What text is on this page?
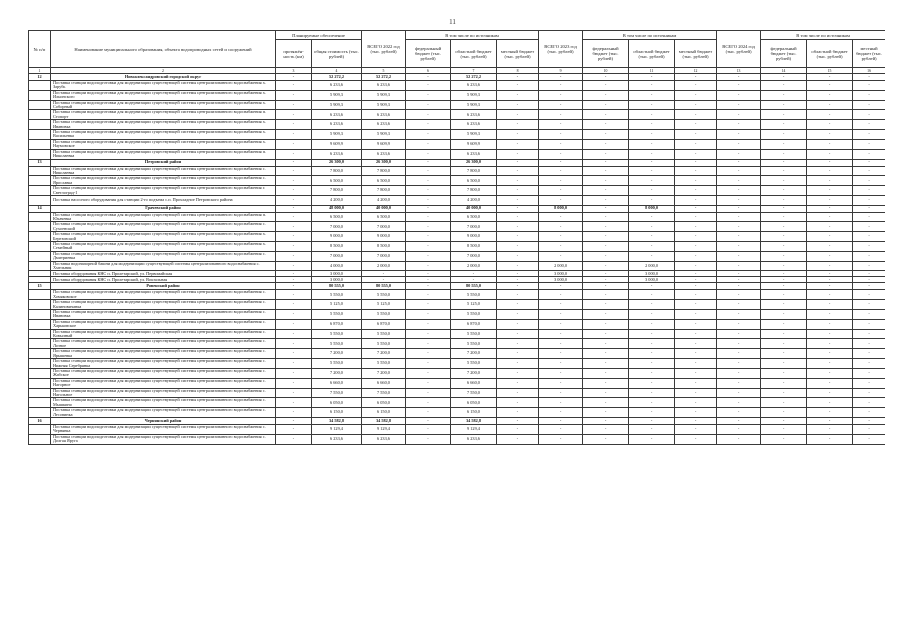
11
№ п/п	Наименование муниципального образования, объекта водопроводных сетей и сооружений	Планируемые обеспечение		ВСЕГО 2022 год (тыс. рублей)	В том числе по источникам			ВСЕГО 2023 год (тыс. рублей)	В том числе по источникам			ВСЕГО 2024 год (тыс. рублей)	В том числе по источникам		
		протяжён-ность (км)	общая стоимость (тыс. рублей)		федеральный бюджет (тыс. рублей)	областной бюджет (тыс. рублей)	местный бюджет (тыс. рублей)		федеральный бюджет (тыс. рублей)	областной бюджет (тыс. рублей)	местный бюджет (тыс. рублей)		федеральный бюджет (тыс. рублей)	областной бюджет (тыс. рублей)	местный бюджет (тыс. рублей)
1	2	3	4	5	6	7	8	9	10	11	12	13	14	15	16
12	Новоалександровский городской округ	-	52 272,2	52 272,2	-	52 272,2	-	-	-	-	-	-	-	-	-
	Поставка станции водоподготовки для модернизации существующей системы централизованного водоснабжения х. Зарубь	-	6 233,6	6 233,6	-	6 233,6	-	-	-	-	-	-	-	-	-
	Поставка станции водоподготовки для модернизации существующей системы централизованного водоснабжения х. Ильинского	-	5 909,3	5 909,3	-	5 909,3	-	-	-	-	-	-	-	-	-
	Поставка станции водоподготовки для модернизации существующей системы централизованного водоснабжения х. Соборный	-	5 909,3	5 909,3	-	5 909,3	-	-	-	-	-	-	-	-	-
	Поставка станции водоподготовки для модернизации существующей системы централизованного водоснабжения п. Стопорт	-	6 233,6	6 233,6	-	6 233,6	-	-	-	-	-	-	-	-	-
	Поставка станции водоподготовки для модернизации существующей системы централизованного водоснабжения х. Ивановка	-	6 233,6	6 233,6	-	6 233,6	-	-	-	-	-	-	-	-	-
	Поставка станции водоподготовки для модернизации существующей системы централизованного водоснабжения х. Васильевка	-	5 909,3	5 909,3	-	5 909,3	-	-	-	-	-	-	-	-	-
	Поставка станции водоподготовки для модернизации существующей системы централизованного водоснабжения х. Наумовское	-	9 609,9	9 609,9	-	9 609,9	-	-	-	-	-	-	-	-	-
	Поставка станции водоподготовки для модернизации существующей системы централизованного водоснабжения п. Николаевка	-	6 233,6	6 233,6	-	6 233,6	-	-	-	-	-	-	-	-	-
13	Петровский район	-	26 300,0	26 300,0	-	26 300,0	-	-	-	-	-	-	-	-	-
	Поставка станции водоподготовки для модернизации существующей системы централизованного водоснабжения с. Николаевка	-	7 800,0	7 800,0	-	7 800,0	-	-	-	-	-	-	-	-	-
	Поставка станции водоподготовки для модернизации существующей системы централизованного водоснабжения с. Ярославка	-	6 500,0	6 500,0	-	6 500,0	-	-	-	-	-	-	-	-	-
	Поставка станции водоподготовки для модернизации существующей системы централизованного водоснабжения г. Светлоград-1	-	7 800,0	7 800,0	-	7 800,0	-	-	-	-	-	-	-	-	-
	Поставка насосного оборудования для станции 2-го подъема с.п. Прохладное Петровского района	-	4 200,0	4 200,0	-	4 200,0	-	-	-	-	-	-	-	-	-
14	Грачевский район	-	48 000,0	40 000,0	-	40 000,0	-	8 000,0	-	8 000,0	-	-	-	-	-
	Поставка станции водоподготовки для модернизации существующей системы централизованного водоснабжения п. Юкачевка	-	6 500,0	6 500,0	-	6 500,0	-	-	-	-	-	-	-	-	-
	Поставка станции водоподготовки для модернизации существующей системы централизованного водоснабжения с. Сухоенский	-	7 000,0	7 000,0	-	7 000,0	-	-	-	-	-	-	-	-	-
	Поставка станции водоподготовки для модернизации существующей системы централизованного водоснабжения х. Березовский	-	9 000,0	9 000,0	-	9 000,0	-	-	-	-	-	-	-	-	-
	Поставка станции водоподготовки для модернизации существующей системы централизованного водоснабжения х. Семейный	-	8 500,0	8 500,0	-	8 500,0	-	-	-	-	-	-	-	-	-
	Поставка станции водоподготовки для модернизации существующей системы централизованного водоснабжения с. Дмитриевка	-	7 000,0	7 000,0	-	7 000,0	-	-	-	-	-	-	-	-	-
	Поставка водонапорной башни для модернизации существующей системы централизованного водоснабжения с. Хмельник	-	4 000,0	2 000,0	-	2 000,0	-	2 000,0	-	2 000,0	-	-	-	-	-
	Поставка оборудования КНС п. Пролетарский, ул. Первомайская	-	3 000,0	-	-	-	-	3 000,0	-	3 000,0	-	-	-	-	-
	Поставка оборудования КНС п. Пролетарский, ул. Вокзальная	-	3 000,0	-	-	-	-	3 000,0	-	3 000,0	-	-	-	-	-
15	Ровенский район	-	80 555,0	80 555,0	-	80 555,0	-	-	-	-	-	-	-	-	-
	Поставка станции водоподготовки для модернизации существующей системы централизованного водоснабжения с. Хомяковское	-	5 550,0	5 550,0	-	5 550,0	-	-	-	-	-	-	-	-	-
	Поставка станции водоподготовки для модернизации существующей системы централизованного водоснабжения с. Калиновичанка	-	5 125,0	5 125,0	-	5 125,0	-	-	-	-	-	-	-	-	-
	Поставка станции водоподготовки для модернизации существующей системы централизованного водоснабжения с. Ивановка	-	5 550,0	5 550,0	-	5 550,0	-	-	-	-	-	-	-	-	-
	Поставка станции водоподготовки для модернизации существующей системы централизованного водоснабжения с. Харьковское	-	6 870,0	6 870,0	-	6 870,0	-	-	-	-	-	-	-	-	-
	Поставка станции водоподготовки для модернизации существующей системы централизованного водоснабжения с. Ковылный	-	5 550,0	5 550,0	-	5 550,0	-	-	-	-	-	-	-	-	-
	Поставка станции водоподготовки для модернизации существующей системы централизованного водоснабжения с. Лозное	-	5 550,0	5 550,0	-	5 550,0	-	-	-	-	-	-	-	-	-
	Поставка станции водоподготовки для модернизации существующей системы централизованного водоснабжения с. Ярышевка	-	7 200,0	7 200,0	-	7 200,0	-	-	-	-	-	-	-	-	-
	Поставка станции водоподготовки для модернизации существующей системы централизованного водоснабжения с. Нижняя Серебрянка	-	5 550,0	5 550,0	-	5 550,0	-	-	-	-	-	-	-	-	-
	Поставка станции водоподготовки для модернизации существующей системы централизованного водоснабжения с. Жабское	-	7 200,0	7 200,0	-	7 200,0	-	-	-	-	-	-	-	-	-
	Поставка станции водоподготовки для модернизации существующей системы централизованного водоснабжения с. Нагорное	-	6 660,0	6 660,0	-	6 660,0	-	-	-	-	-	-	-	-	-
	Поставка станции водоподготовки для модернизации существующей системы централизованного водоснабжения с. Нагольное	-	7 550,0	7 550,0	-	7 550,0	-	-	-	-	-	-	-	-	-
	Поставка станции водоподготовки для модернизации существующей системы централизованного водоснабжения с. Мышкино	-	6 050,0	6 050,0	-	6 050,0	-	-	-	-	-	-	-	-	-
	Поставка станции водоподготовки для модернизации существующей системы централизованного водоснабжения с. Лесовинка	-	6 150,0	6 150,0	-	6 150,0	-	-	-	-	-	-	-	-	-
16	Чернянский район	-	34 582,8	34 582,8	-	34 582,8	-	-	-	-	-	-	-	-	-
	Поставка станции водоподготовки для модернизации существующей системы централизованного водоснабжения с. Чернянка	-	9 129,4	9 129,4	-	9 129,4	-	-	-	-	-	-	-	-	-
	Поставка станции водоподготовки для модернизации существующей системы централизованного водоснабжения с. Долгая Яруга	-	6 233,6	6 233,6	-	6 233,6	-	-	-	-	-	-	-	-	-
